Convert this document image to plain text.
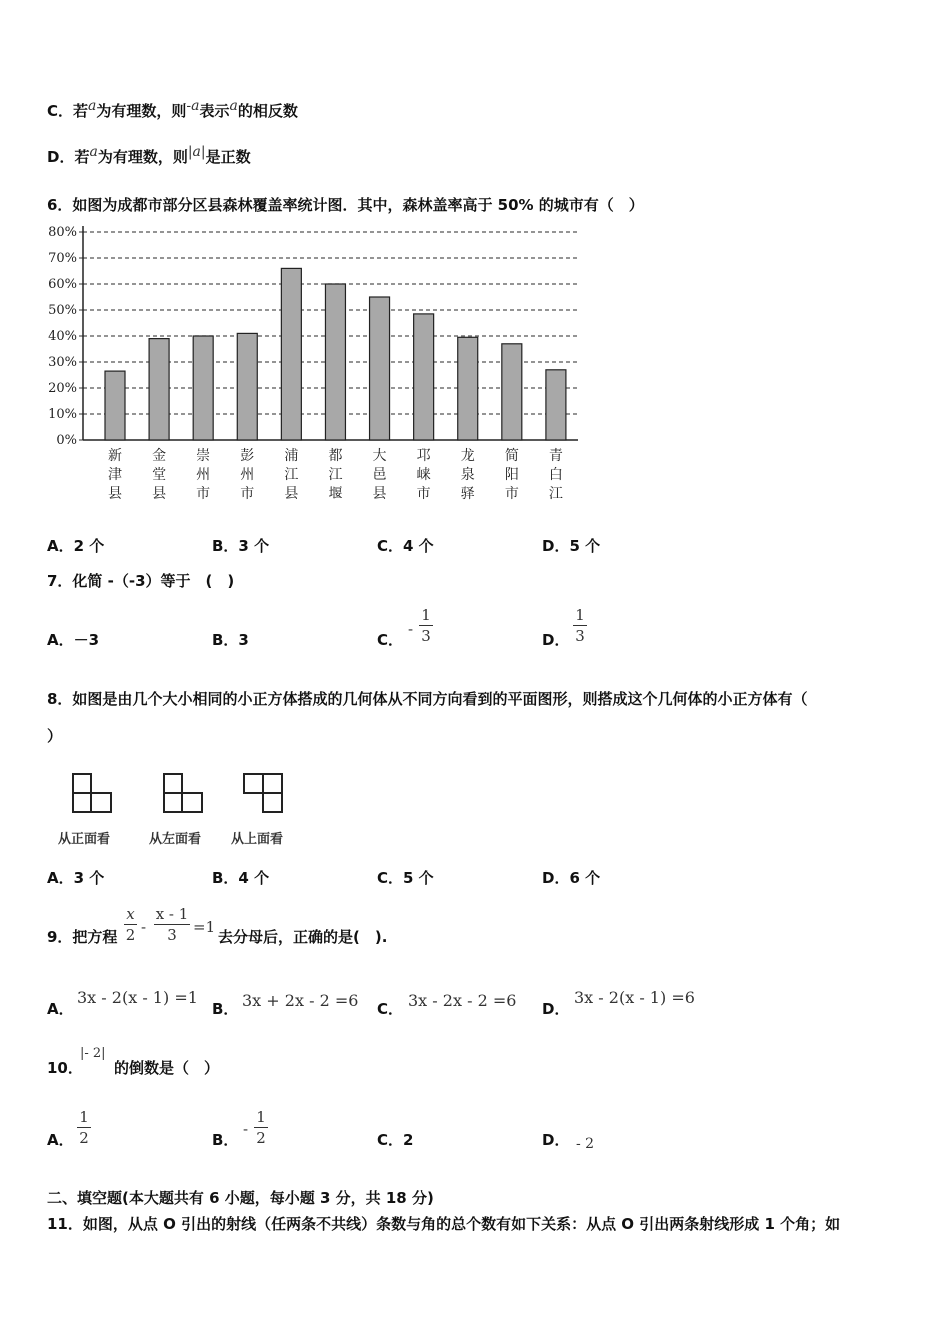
C．若a为有理数，则-a表示a的相反数
D．若a为有理数，则|a|是正数
6．如图为成都市部分区县森林覆盖率统计图．其中，森林盖率高于 50% 的城市有（　）
0%
10%
20%
30%
40%
50%
60%
70%
80%
新
津
县
金
堂
县
崇
州
市
彭
州
市
浦
江
县
都
江
堰
大
邑
县
邛
崃
市
龙
泉
驿
简
阳
市
青
白
江
A．2 个	B．3 个	C．4 个	D．5 个
7．化简 -（-3）等于　(　)
A．－3	B．3	C．
-
1
3	D．
1
3
8．如图是由几个大小相同的小正方体搭成的几何体从不同方向看到的平面图形，则搭成这个几何体的小正方体有（
）
从正面看	从左面看 从上面看
A．3 个	B．4 个	C．5 个	D．6 个
9．把方程
x
2 -
x - 1
3	=1
去分母后，正确的是(　).
A．
3x - 2(x - 1) =1
B． 3x + 2x - 2 =6 C． 3x - 2x - 2 =6 D．
3x - 2(x - 1) =6
10．
|- 2|
的倒数是（　）
A．
1
2	B．
-
1
2	C．2	D． - 2
二、填空题(本大题共有 6 小题，每小题 3 分，共 18 分)
11．如图，从点 O 引出的射线（任两条不共线）条数与角的总个数有如下关系：从点 O 引出两条射线形成 1 个角；如
